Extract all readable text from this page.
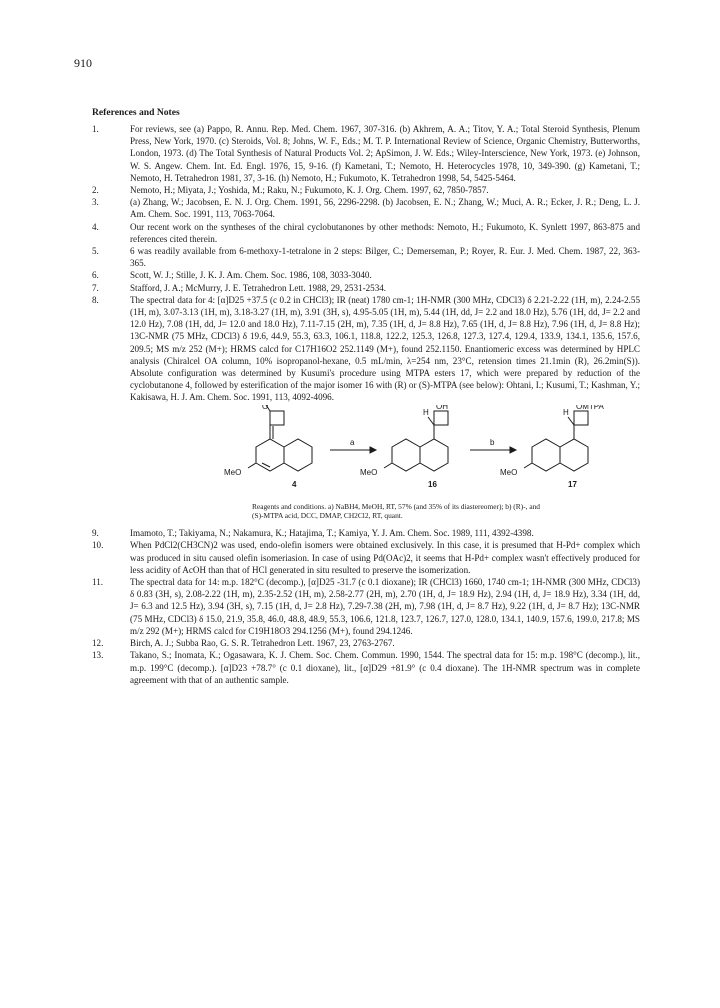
910
References and Notes

1.	For reviews, see (a) Pappo, R. Annu. Rep. Med. Chem. 1967, 307-316. (b) Akhrem, A. A.; Titov, Y. A.; Total Steroid Synthesis, Plenum Press, New York, 1970. (c) Steroids, Vol. 8; Johns, W. F., Eds.; M. T. P. International Review of Science, Organic Chemistry, Butterworths, London, 1973. (d) The Total Synthesis of Natural Products Vol. 2; ApSimon, J. W. Eds.; Wiley-Interscience, New York, 1973. (e) Johnson, W. S. Angew. Chem. Int. Ed. Engl. 1976, 15, 9-16. (f) Kametani, T.; Nemoto, H. Heterocycles 1978, 10, 349-390. (g) Kametani, T.; Nemoto, H. Tetrahedron 1981, 37, 3-16. (h) Nemoto, H.; Fukumoto, K. Tetrahedron 1998, 54, 5425-5464.

2.	Nemoto, H.; Miyata, J.; Yoshida, M.; Raku, N.; Fukumoto, K. J. Org. Chem. 1997, 62, 7850-7857.

3.	(a) Zhang, W.; Jacobsen, E. N. J. Org. Chem. 1991, 56, 2296-2298. (b) Jacobsen, E. N.; Zhang, W.; Muci, A. R.; Ecker, J. R.; Deng, L. J. Am. Chem. Soc. 1991, 113, 7063-7064.

4.	Our recent work on the syntheses of the chiral cyclobutanones by other methods: Nemoto, H.; Fukumoto, K. Synlett 1997, 863-875 and references cited therein.

5.	6 was readily available from 6-methoxy-1-tetralone in 2 steps: Bilger, C.; Demerseman, P.; Royer, R. Eur. J. Med. Chem. 1987, 22, 363-365.

6.	Scott, W. J.; Stille, J. K. J. Am. Chem. Soc. 1986, 108, 3033-3040.

7.	Stafford, J. A.; McMurry, J. E. Tetrahedron Lett. 1988, 29, 2531-2534.

8.	The spectral data for 4: [α]D25 +37.5 (c 0.2 in CHCl3); IR (neat) 1780 cm-1; 1H-NMR (300 MHz, CDCl3) δ 2.21-2.22 (1H, m), 2.24-2.55 (1H, m), 3.07-3.13 (1H, m), 3.18-3.27 (1H, m), 3.91 (3H, s), 4.95-5.05 (1H, m), 5.44 (1H, dd, J= 2.2 and 18.0 Hz), 5.76 (1H, dd, J= 2.2 and 12.0 Hz), 7.08 (1H, dd, J= 12.0 and 18.0 Hz), 7.11-7.15 (2H, m), 7.35 (1H, d, J= 8.8 Hz), 7.65 (1H, d, J= 8.8 Hz), 7.96 (1H, d, J= 8.8 Hz); 13C-NMR (75 MHz, CDCl3) δ 19.6, 44.9, 55.3, 63.3, 106.1, 118.8, 122.2, 125.3, 126.8, 127.3, 127.4, 129.4, 133.9, 134.1, 135.6, 157.6, 209.5; MS m/z 252 (M+); HRMS calcd for C17H16O2 252.1149 (M+), found 252.1150. Enantiomeric excess was determined by HPLC analysis (Chiralcel OA column, 10% isopropanol-hexane, 0.5 mL/min, λ=254 nm, 23°C, retension times 21.1min (R), 26.2min(S)). Absolute configuration was determined by Kusumi's procedure using MTPA esters 17, which were prepared by reduction of the cyclobutanone 4, followed by esterification of the major isomer 16 with (R) or (S)-MTPA (see below): Ohtani, I.; Kusumi, T.; Kashman, Y.; Kakisawa, H. J. Am. Chem. Soc. 1991, 113, 4092-4096.

O
MeO
4
a
H
OH
MeO
16
b
H
OMTPA
MeO
17
Reagents and conditions. a) NaBH4, MeOH, RT, 57% (and 35% of its diastereomer); b) (R)-, and (S)-MTPA acid, DCC, DMAP, CH2Cl2, RT, quant.

9.	Imamoto, T.; Takiyama, N.; Nakamura, K.; Hatajima, T.; Kamiya, Y. J. Am. Chem. Soc. 1989, 111, 4392-4398.

10.	When PdCl2(CH3CN)2 was used, endo-olefin isomers were obtained exclusively. In this case, it is presumed that H-Pd+ complex which was produced in situ caused olefin isomeriasion. In case of using Pd(OAc)2, it seems that H-Pd+ complex wasn't effectively produced for less acidity of AcOH than that of HCl generated in situ resulted to preserve the isomerization.

11.	The spectral data for 14: m.p. 182°C (decomp.), [α]D25 -31.7 (c 0.1 dioxane); IR (CHCl3) 1660, 1740 cm-1; 1H-NMR (300 MHz, CDCl3) δ 0.83 (3H, s), 2.08-2.22 (1H, m), 2.35-2.52 (1H, m), 2.58-2.77 (2H, m), 2.70 (1H, d, J= 18.9 Hz), 2.94 (1H, d, J= 18.9 Hz), 3.34 (1H, dd, J= 6.3 and 12.5 Hz), 3.94 (3H, s), 7.15 (1H, d, J= 2.8 Hz), 7.29-7.38 (2H, m), 7.98 (1H, d, J= 8.7 Hz), 9.22 (1H, d, J= 8.7 Hz); 13C-NMR (75 MHz, CDCl3) δ 15.0, 21.9, 35.8, 46.0, 48.8, 48.9, 55.3, 106.6, 121.8, 123.7, 126.7, 127.0, 128.0, 134.1, 140.9, 157.6, 199.0, 217.8; MS m/z 292 (M+); HRMS calcd for C19H18O3 294.1256 (M+), found 294.1246.

12.	Birch, A. J.; Subba Rao, G. S. R. Tetrahedron Lett. 1967, 23, 2763-2767.

13.	Takano, S.; Inomata, K.; Ogasawara, K. J. Chem. Soc. Chem. Commun. 1990, 1544. The spectral data for 15: m.p. 198°C (decomp.), lit., m.p. 199°C (decomp.). [α]D23 +78.7° (c 0.1 dioxane), lit., [α]D29 +81.9° (c 0.4 dioxane). The 1H-NMR spectrum was in complete agreement with that of an authentic sample.
